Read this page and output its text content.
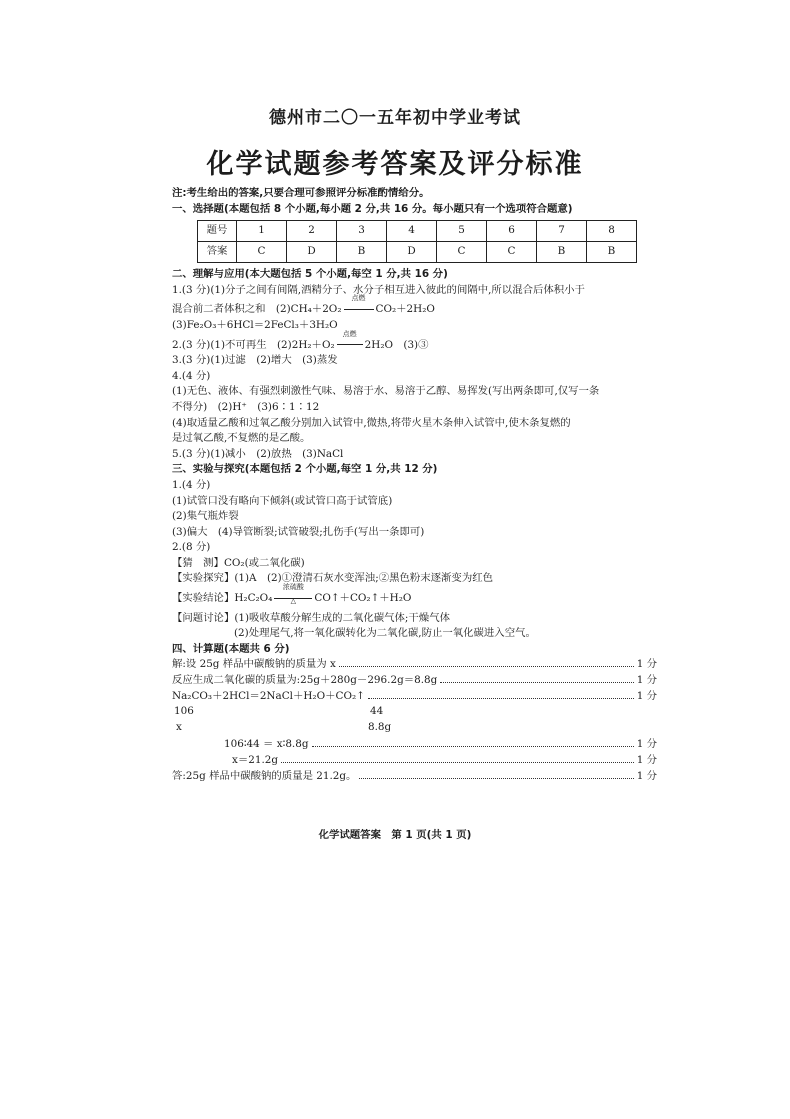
德州市二〇一五年初中学业考试
化学试题参考答案及评分标准
注:考生给出的答案,只要合理可参照评分标准酌情给分。
一、选择题(本题包括 8 个小题,每小题 2 分,共 16 分。每小题只有一个选项符合题意)
题号	1	2	3	4	5	6	7	8
答案	C	D	B	D	C	C	B	B
二、理解与应用(本大题包括 5 个小题,每空 1 分,共 16 分)
1.(3 分)(1)分子之间有间隔,酒精分子、水分子相互进入彼此的间隔中,所以混合后体积小于
混合前二者体积之和　(2)CH₄＋2O₂
点燃
CO₂＋2H₂O
(3)Fe₂O₃＋6HCl＝2FeCl₃＋3H₂O
2.(3 分)(1)不可再生　(2)2H₂＋O₂
点燃
2H₂O　(3)③
3.(3 分)(1)过滤　(2)增大　(3)蒸发
4.(4 分)
(1)无色、液体、有强烈刺激性气味、易溶于水、易溶于乙醇、易挥发(写出两条即可,仅写一条
不得分)　(2)H⁺　(3)6∶1∶12
(4)取适量乙酸和过氧乙酸分别加入试管中,微热,将带火星木条伸入试管中,使木条复燃的
是过氧乙酸,不复燃的是乙酸。
5.(3 分)(1)减小　(2)放热　(3)NaCl
三、实验与探究(本题包括 2 个小题,每空 1 分,共 12 分)
1.(4 分)
(1)试管口没有略向下倾斜(或试管口高于试管底)
(2)集气瓶炸裂
(3)偏大　(4)导管断裂;试管破裂;扎伤手(写出一条即可)
2.(8 分)
【猜　测】CO₂(或二氧化碳)
【实验探究】(1)A　(2)①澄清石灰水变浑浊;②黑色粉末逐渐变为红色
【实验结论】H₂C₂O₄
浓硫酸
△	CO↑＋CO₂↑＋H₂O
【问题讨论】(1)吸收草酸分解生成的二氧化碳气体;干燥气体
(2)处理尾气,将一氧化碳转化为二氧化碳,防止一氧化碳进入空气。
四、计算题(本题共 6 分)
解:设 25g 样品中碳酸钠的质量为 x	1 分
反应生成二氧化碳的质量为:25g＋280g－296.2g＝8.8g	1 分
Na₂CO₃＋2HCl＝2NaCl＋H₂O＋CO₂↑	1 分
106	44
x	8.8g
106∶44 ＝ x∶8.8g	1 分
x＝21.2g	1 分
答:25g 样品中碳酸钠的质量是 21.2g。	1 分
化学试题答案　第 1 页(共 1 页)
